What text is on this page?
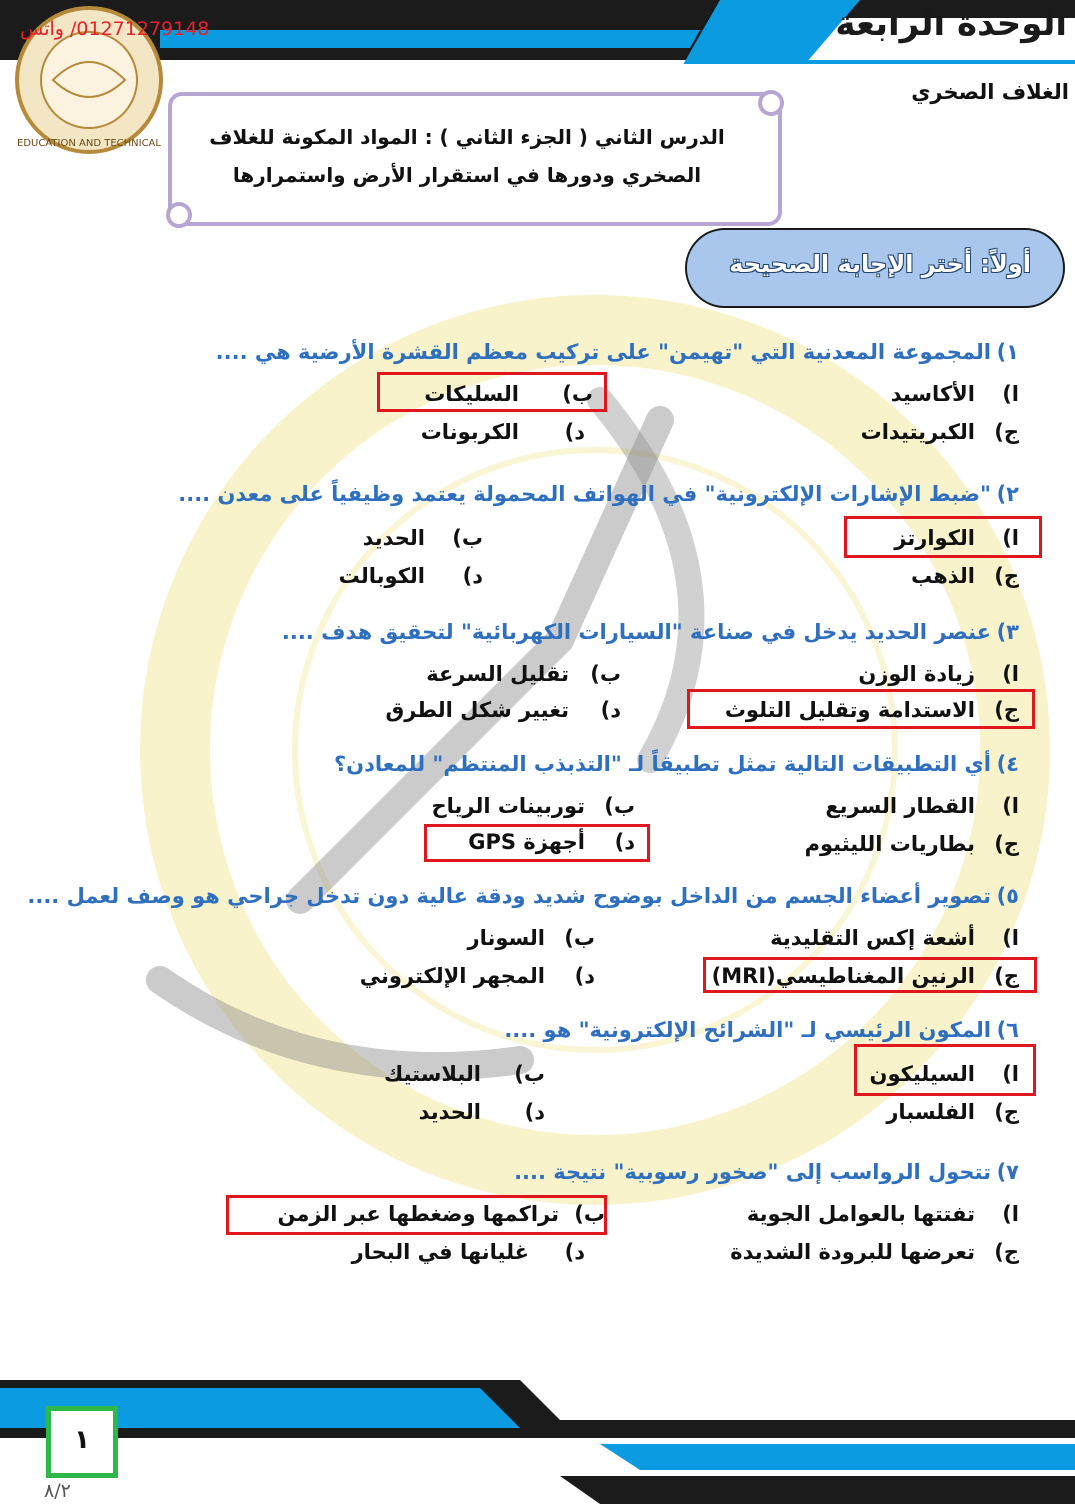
الوحدة الرابعة
الغلاف الصخري
EDUCATION AND TECHNICAL
01271279148/ واتس
الدرس الثاني ( الجزء الثاني ) : المواد المكونة للغلاف
الصخري ودورها في استقرار الأرض واستمرارها
أولاً: أختر الإجابة الصحيحة
١)
المجموعة المعدنية التي "تهيمن" على تركيب معظم القشرة الأرضية هي ....
ا)
الأكاسيد
ب)
السليكات
ج)
الكبريتيدات
د)
الكربونات
٢)
"ضبط الإشارات الإلكترونية" في الهواتف المحمولة يعتمد وظيفياً على معدن ....
ا)
الكوارتز
ب)
الحديد
ج)
الذهب
د)
الكوبالت
٣)
عنصر الحديد يدخل في صناعة "السيارات الكهربائية" لتحقيق هدف ....
ا)
زيادة الوزن
ب)
تقليل السرعة
ج)
الاستدامة وتقليل التلوث
د)
تغيير شكل الطرق
٤)
أي التطبيقات التالية تمثل تطبيقاً لـ "التذبذب المنتظم" للمعادن؟
ا)
القطار السريع
ب)
توربينات الرياح
ج)
بطاريات الليثيوم
د)
أجهزة GPS
٥)
تصوير أعضاء الجسم من الداخل بوضوح شديد ودقة عالية دون تدخل جراحي هو وصف لعمل ....
ا)
أشعة إكس التقليدية
ب)
السونار
ج)
الرنين المغناطيسي(MRI)
د)
المجهر الإلكتروني
٦)
المكون الرئيسي لـ "الشرائح الإلكترونية" هو ....
ا)
السيليكون
ب)
البلاستيك
ج)
الفلسبار
د)
الحديد
٧)
تتحول الرواسب إلى "صخور رسوبية" نتيجة ....
ا)
تفتتها بالعوامل الجوية
ب)
تراكمها وضغطها عبر الزمن
ج)
تعرضها للبرودة الشديدة
د)
غليانها في البحار
١
٨/٢
